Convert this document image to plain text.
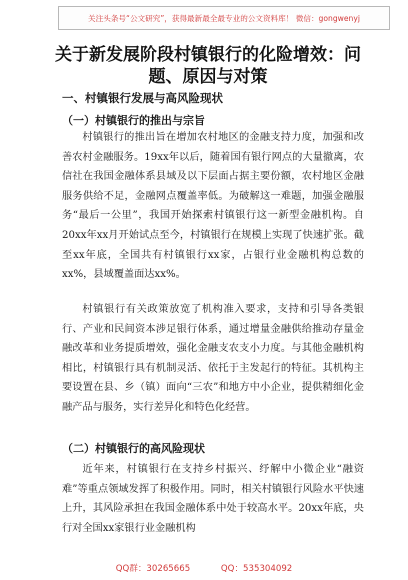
关注头条号“公文研究”，获得最新最全最专业的公文资料库！ 微信：gongwenyj
关于新发展阶段村镇银行的化险增效：问题、原因与对策
一、村镇银行发展与高风险现状
（一）村镇银行的推出与宗旨
村镇银行的推出旨在增加农村地区的金融支持力度，加强和改善农村金融服务。19xx年以后，随着国有银行网点的大量撤离，农信社在我国金融体系县域及以下层面占据主要份额，农村地区金融服务供给不足，金融网点覆盖率低。为破解这一难题，加强金融服务“最后一公里”，我国开始探索村镇银行这一新型金融机构。自20xx年xx月开始试点至今，村镇银行在规模上实现了快速扩张。截至xx年底，全国共有村镇银行xx家，占银行业金融机构总数的xx%，县域覆盖面达xx%。
村镇银行有关政策放宽了机构准入要求，支持和引导各类银行、产业和民间资本涉足银行体系，通过增量金融供给推动存量金融改革和业务提质增效，强化金融支农支小力度。与其他金融机构相比，村镇银行具有机制灵活、依托于主发起行的特征。其机构主要设置在县、乡（镇）面向“三农”和地方中小企业，提供精细化金融产品与服务，实行差异化和特色化经营。
（二）村镇银行的高风险现状
近年来，村镇银行在支持乡村振兴、纾解中小微企业“融资难”等重点领域发挥了积极作用。同时，相关村镇银行风险水平快速上升，其风险承担在我国金融体系中处于较高水平。20xx年底，央行对全国xx家银行业金融机构
QQ群：30265665	QQ：535304092
